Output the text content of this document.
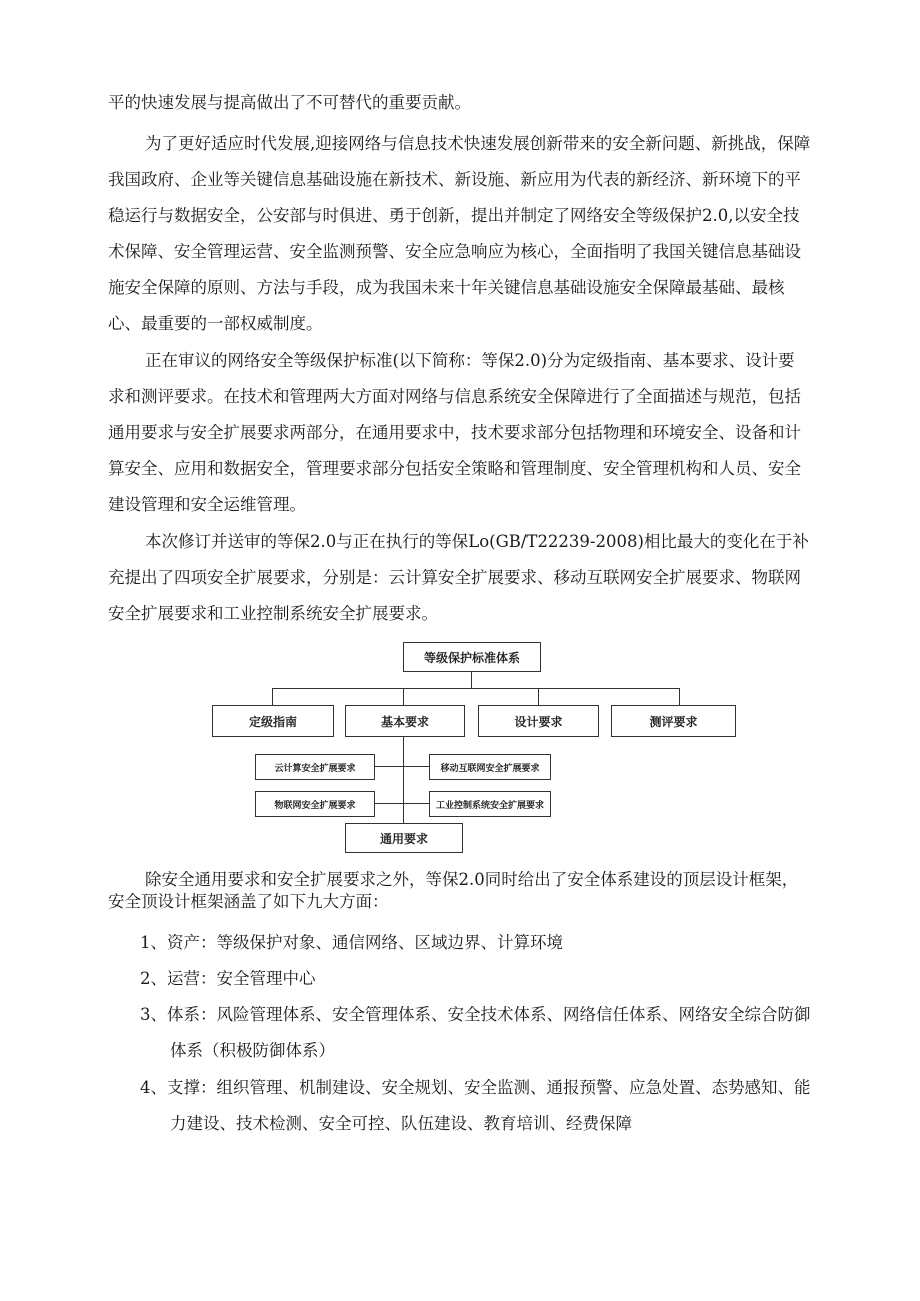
平的快速发展与提高做出了不可替代的重要贡献。
为了更好适应时代发展,迎接网络与信息技术快速发展创新带来的安全新问题、新挑战，保障
我国政府、企业等关键信息基础设施在新技术、新设施、新应用为代表的新经济、新环境下的平
稳运行与数据安全，公安部与时俱进、勇于创新，提出并制定了网络安全等级保护2.0,以安全技
术保障、安全管理运营、安全监测预警、安全应急响应为核心，全面指明了我国关键信息基础设
施安全保障的原则、方法与手段，成为我国未来十年关键信息基础设施安全保障最基础、最核
心、最重要的一部权威制度。
正在审议的网络安全等级保护标准(以下简称：等保2.0)分为定级指南、基本要求、设计要
求和测评要求。在技术和管理两大方面对网络与信息系统安全保障进行了全面描述与规范，包括
通用要求与安全扩展要求两部分，在通用要求中，技术要求部分包括物理和环境安全、设备和计
算安全、应用和数据安全，管理要求部分包括安全策略和管理制度、安全管理机构和人员、安全
建设管理和安全运维管理。
本次修订并送审的等保2.0与正在执行的等保Lo(GB/T22239-2008)相比最大的变化在于补
充提出了四项安全扩展要求，分别是：云计算安全扩展要求、移动互联网安全扩展要求、物联网
安全扩展要求和工业控制系统安全扩展要求。
等级保护标准体系
定级指南	基本要求	设计要求	测评要求
云计算安全扩展要求
物联网安全扩展要求
移动互联网安全扩展要求
工业控制系统安全扩展要求
通用要求
除安全通用要求和安全扩展要求之外，等保2.0同时给出了安全体系建设的顶层设计框架，
安全顶设计框架涵盖了如下九大方面：
1、资产：等级保护对象、通信网络、区域边界、计算环境
2、运营：安全管理中心
3、体系：风险管理体系、安全管理体系、安全技术体系、网络信任体系、网络安全综合防御
体系（积极防御体系）
4、支撑：组织管理、机制建设、安全规划、安全监测、通报预警、应急处置、态势感知、能
力建设、技术检测、安全可控、队伍建设、教育培训、经费保障
